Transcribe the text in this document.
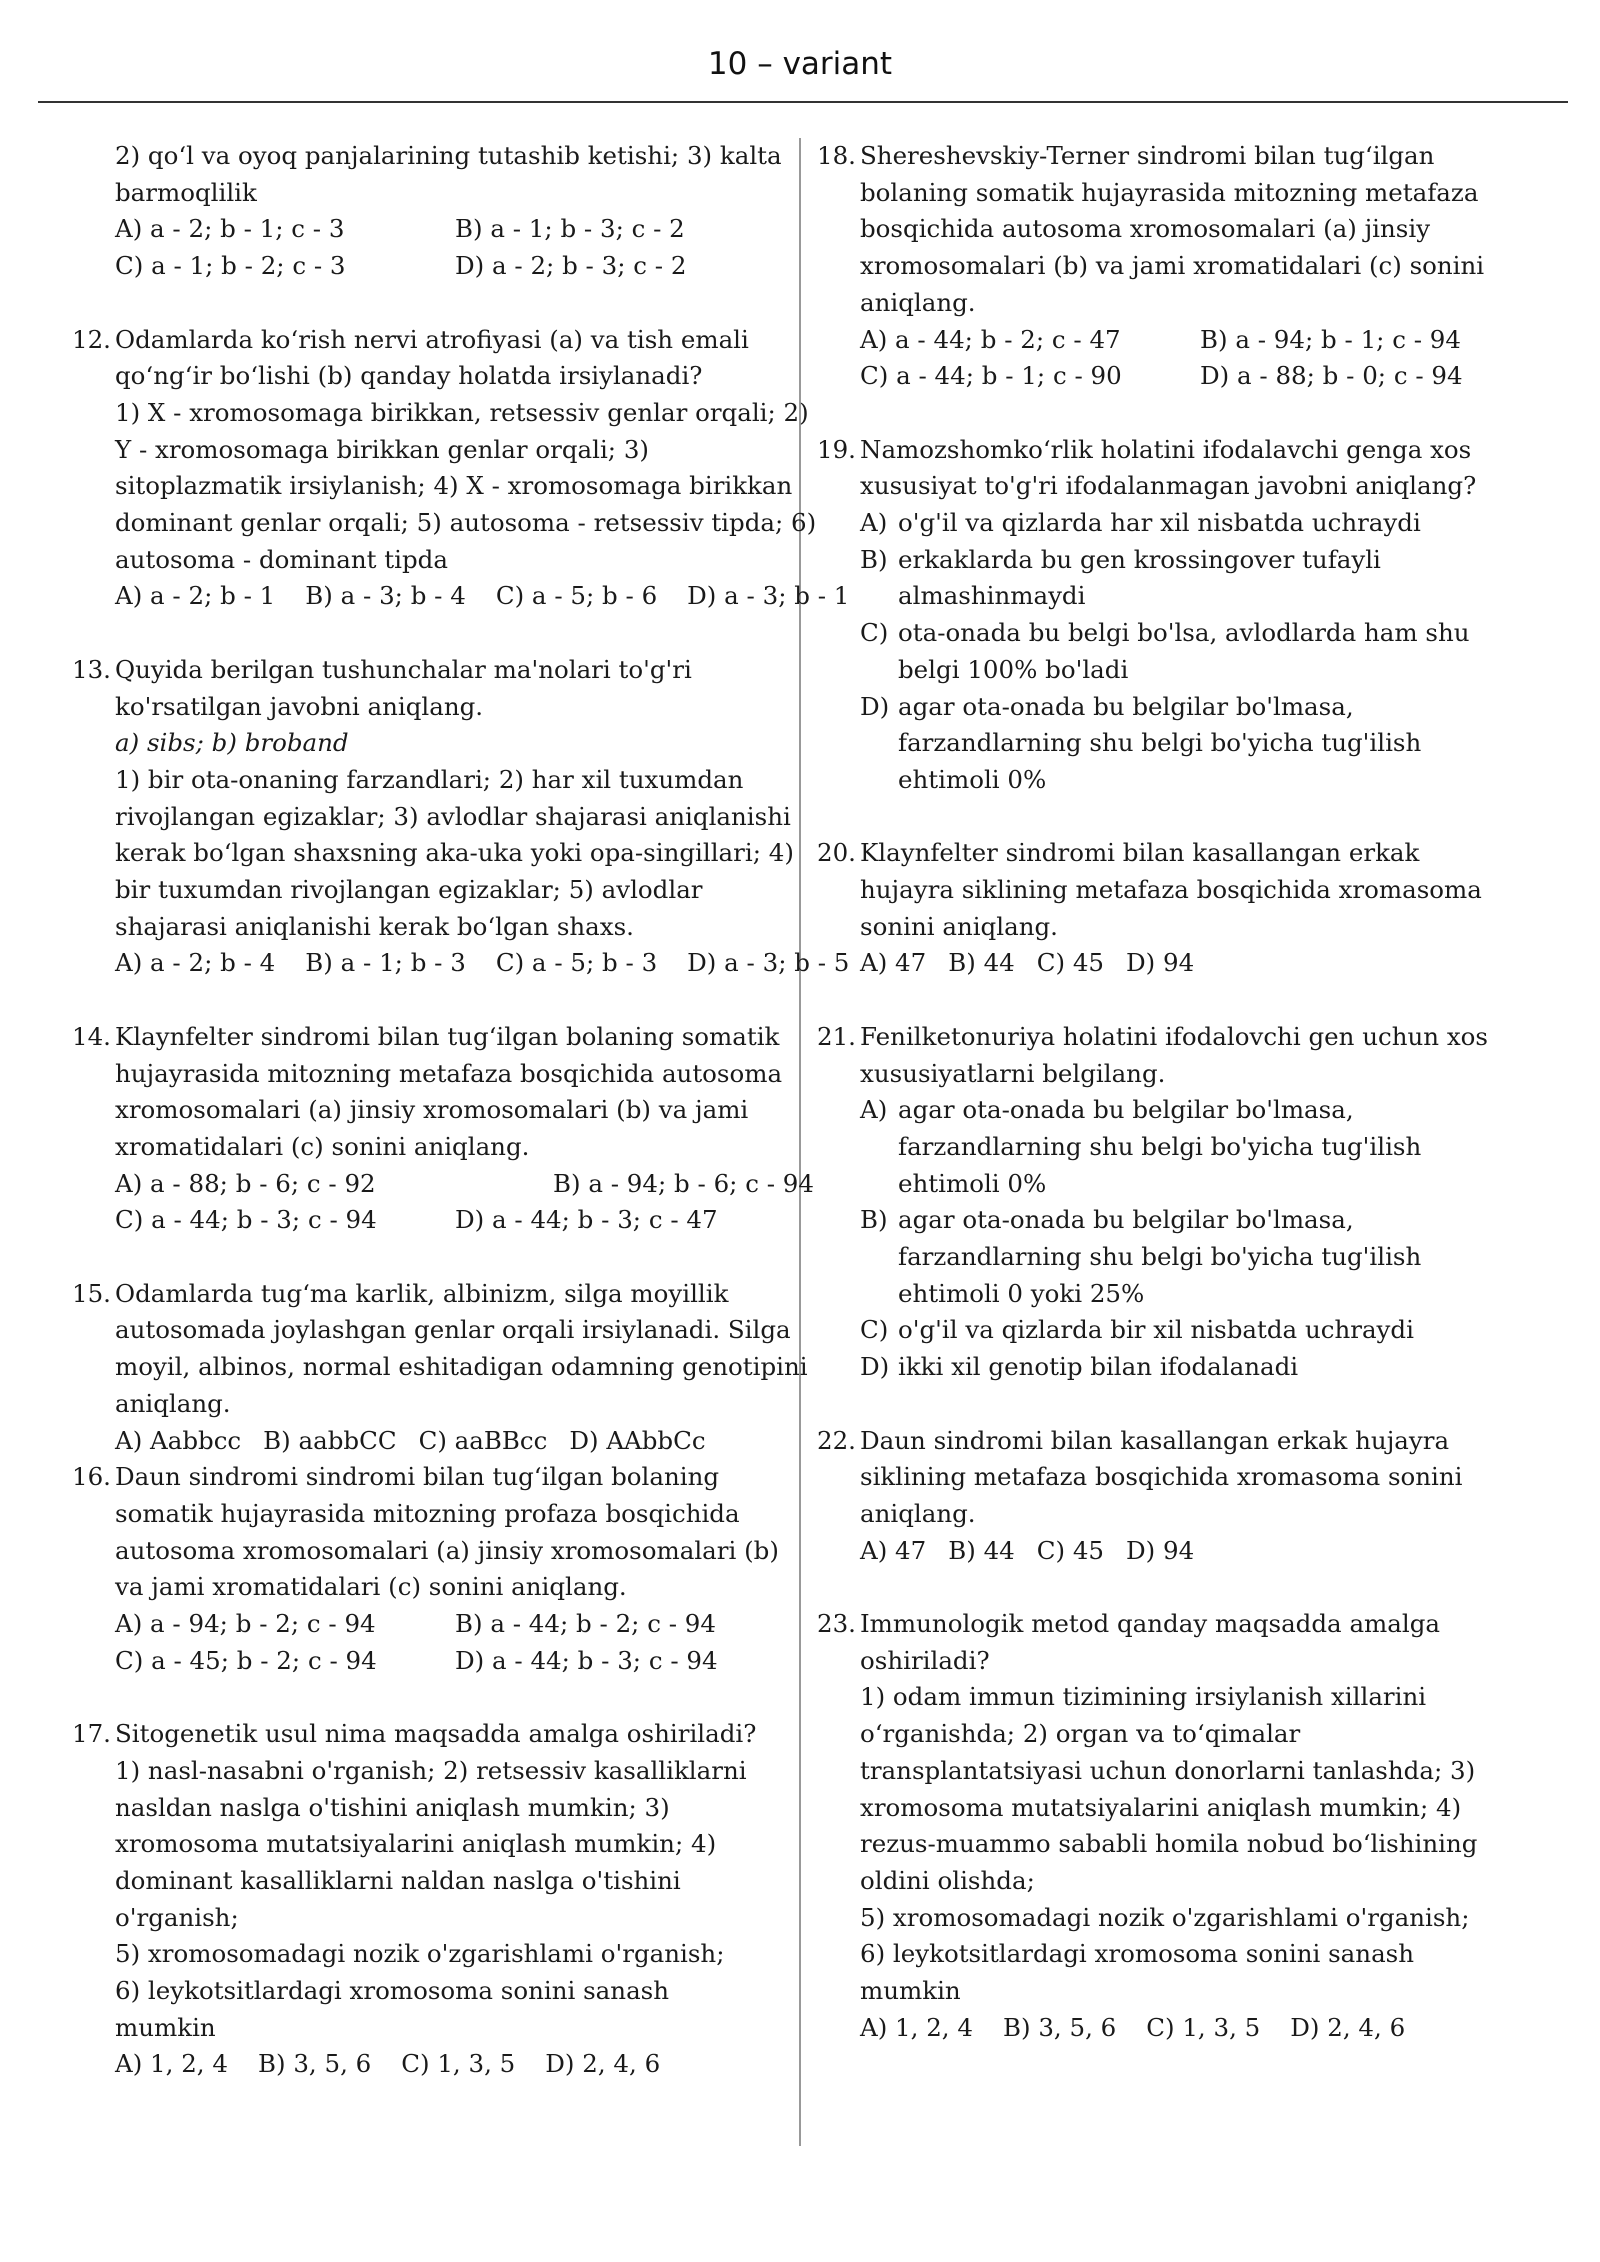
10 – variant
2) qo‘l va oyoq panjalarining tutashib ketishi; 3) kalta
barmoqlilik
A) a - 2; b - 1; c - 3	B) a - 1; b - 3; c - 2
C) a - 1; b - 2; c - 3	D) a - 2; b - 3; c - 2
12. Odamlarda ko‘rish nervi atrofiyasi (a) va tish emali
qo‘ng‘ir bo‘lishi (b) qanday holatda irsiylanadi?
1) X - xromosomaga birikkan, retsessiv genlar orqali; 2)
Y - xromosomaga birikkan genlar orqali; 3)
sitoplazmatik irsiylanish; 4) X - xromosomaga birikkan
dominant genlar orqali; 5) autosoma - retsessiv tipda; 6)
autosoma - dominant tipda
A) a - 2; b - 1 B) a - 3; b - 4 C) a - 5; b - 6 D) a - 3; b - 1
13. Quyida berilgan tushunchalar ma'nolari to'g'ri
ko'rsatilgan javobni aniqlang.
a) sibs; b) broband
1) bir ota-onaning farzandlari; 2) har xil tuxumdan
rivojlangan egizaklar; 3) avlodlar shajarasi aniqlanishi
kerak bo‘lgan shaxsning aka-uka yoki opa-singillari; 4)
bir tuxumdan rivojlangan egizaklar; 5) avlodlar
shajarasi aniqlanishi kerak bo‘lgan shaxs.
A) a - 2; b - 4 B) a - 1; b - 3 C) a - 5; b - 3 D) a - 3; b - 5
14. Klaynfelter sindromi bilan tug‘ilgan bolaning somatik
hujayrasida mitozning metafaza bosqichida autosoma
xromosomalari (a) jinsiy xromosomalari (b) va jami
xromatidalari (c) sonini aniqlang.
A) a - 88; b - 6; c - 92	B) a - 94; b - 6; c - 94
C) a - 44; b - 3; c - 94	D) a - 44; b - 3; c - 47
15. Odamlarda tug‘ma karlik, albinizm, silga moyillik
autosomada joylashgan genlar orqali irsiylanadi. Silga
moyil, albinos, normal eshitadigan odamning genotipini
aniqlang.
A) Aabbcc B) aabbCC C) aaBBcc D) AAbbCc
16. Daun sindromi sindromi bilan tug‘ilgan bolaning
somatik hujayrasida mitozning profaza bosqichida
autosoma xromosomalari (a) jinsiy xromosomalari (b)
va jami xromatidalari (c) sonini aniqlang.
A) a - 94; b - 2; c - 94	B) a - 44; b - 2; c - 94
C) a - 45; b - 2; c - 94	D) a - 44; b - 3; c - 94
17. Sitogenetik usul nima maqsadda amalga oshiriladi?
1) nasl-nasabni o'rganish; 2) retsessiv kasalliklarni
nasldan naslga o'tishini aniqlash mumkin; 3)
xromosoma mutatsiyalarini aniqlash mumkin; 4)
dominant kasalliklarni naldan naslga o'tishini
o'rganish;
5) xromosomadagi nozik o'zgarishlami o'rganish;
6) leykotsitlardagi xromosoma sonini sanash
mumkin
A) 1, 2, 4 B) 3, 5, 6 C) 1, 3, 5 D) 2, 4, 6
18. Shereshevskiy-Terner sindromi bilan tug‘ilgan
bolaning somatik hujayrasida mitozning metafaza
bosqichida autosoma xromosomalari (a) jinsiy
xromosomalari (b) va jami xromatidalari (c) sonini
aniqlang.
A) a - 44; b - 2; c - 47	B) a - 94; b - 1; c - 94
C) a - 44; b - 1; c - 90	D) a - 88; b - 0; c - 94
19. Namozshomko‘rlik holatini ifodalavchi genga xos
xususiyat to'g'ri ifodalanmagan javobni aniqlang?
A) o'g'il va qizlarda har xil nisbatda uchraydi
B) erkaklarda bu gen krossingover tufayli
almashinmaydi
C) ota-onada bu belgi bo'lsa, avlodlarda ham shu
belgi 100% bo'ladi
D) agar ota-onada bu belgilar bo'lmasa,
farzandlarning shu belgi bo'yicha tug'ilish
ehtimoli 0%
20. Klaynfelter sindromi bilan kasallangan erkak
hujayra siklining metafaza bosqichida xromasoma
sonini aniqlang.
A) 47 B) 44 C) 45 D) 94
21. Fenilketonuriya holatini ifodalovchi gen uchun xos
xususiyatlarni belgilang.
A) agar ota-onada bu belgilar bo'lmasa,
farzandlarning shu belgi bo'yicha tug'ilish
ehtimoli 0%
B) agar ota-onada bu belgilar bo'lmasa,
farzandlarning shu belgi bo'yicha tug'ilish
ehtimoli 0 yoki 25%
C) o'g'il va qizlarda bir xil nisbatda uchraydi
D) ikki xil genotip bilan ifodalanadi
22. Daun sindromi bilan kasallangan erkak hujayra
siklining metafaza bosqichida xromasoma sonini
aniqlang.
A) 47 B) 44 C) 45 D) 94
23. Immunologik metod qanday maqsadda amalga
oshiriladi?
1) odam immun tizimining irsiylanish xillarini
o‘rganishda; 2) organ va to‘qimalar
transplantatsiyasi uchun donorlarni tanlashda; 3)
xromosoma mutatsiyalarini aniqlash mumkin; 4)
rezus-muammo sababli homila nobud bo‘lishining
oldini olishda;
5) xromosomadagi nozik o'zgarishlami o'rganish;
6) leykotsitlardagi xromosoma sonini sanash
mumkin
A) 1, 2, 4 B) 3, 5, 6 C) 1, 3, 5 D) 2, 4, 6
